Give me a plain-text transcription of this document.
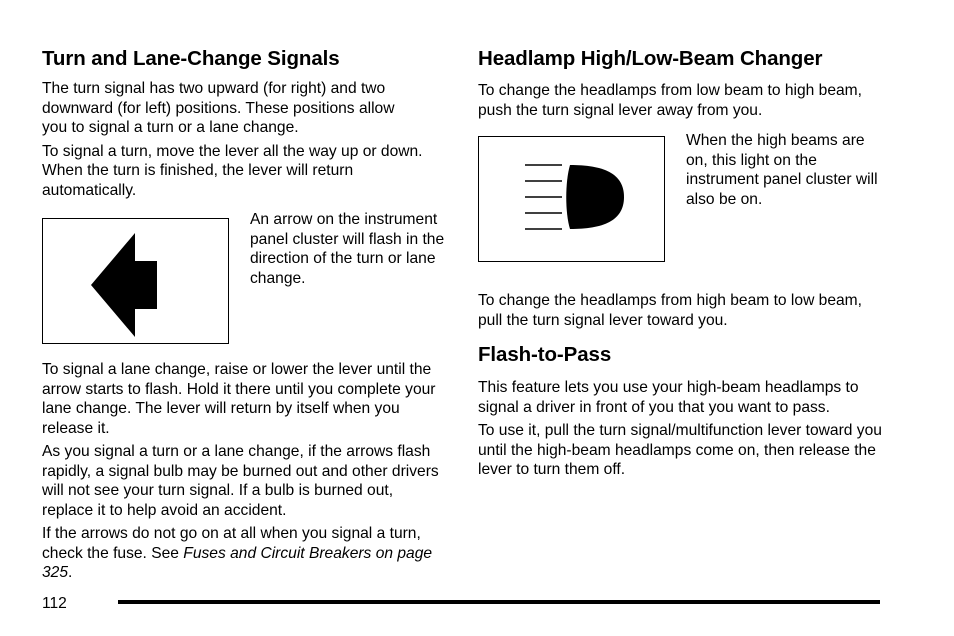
Turn and Lane-Change Signals

The turn signal has two upward (for right) and two downward (for left) positions. These positions allow you to signal a turn or a lane change.

To signal a turn, move the lever all the way up or down. When the turn is finished, the lever will return automatically.

An arrow on the instrument panel cluster will flash in the direction of the turn or lane change.

To signal a lane change, raise or lower the lever until the arrow starts to flash. Hold it there until you complete your lane change. The lever will return by itself when you release it.

As you signal a turn or a lane change, if the arrows flash rapidly, a signal bulb may be burned out and other drivers will not see your turn signal. If a bulb is burned out, replace it to help avoid an accident.

If the arrows do not go on at all when you signal a turn, check the fuse. See Fuses and Circuit Breakers on page 325.

Headlamp High/Low-Beam Changer

To change the headlamps from low beam to high beam, push the turn signal lever away from you.

When the high beams are on, this light on the instrument panel cluster will also be on.

To change the headlamps from high beam to low beam, pull the turn signal lever toward you.

Flash-to-Pass

This feature lets you use your high-beam headlamps to signal a driver in front of you that you want to pass.

To use it, pull the turn signal/multifunction lever toward you until the high-beam headlamps come on, then release the lever to turn them off.

112
